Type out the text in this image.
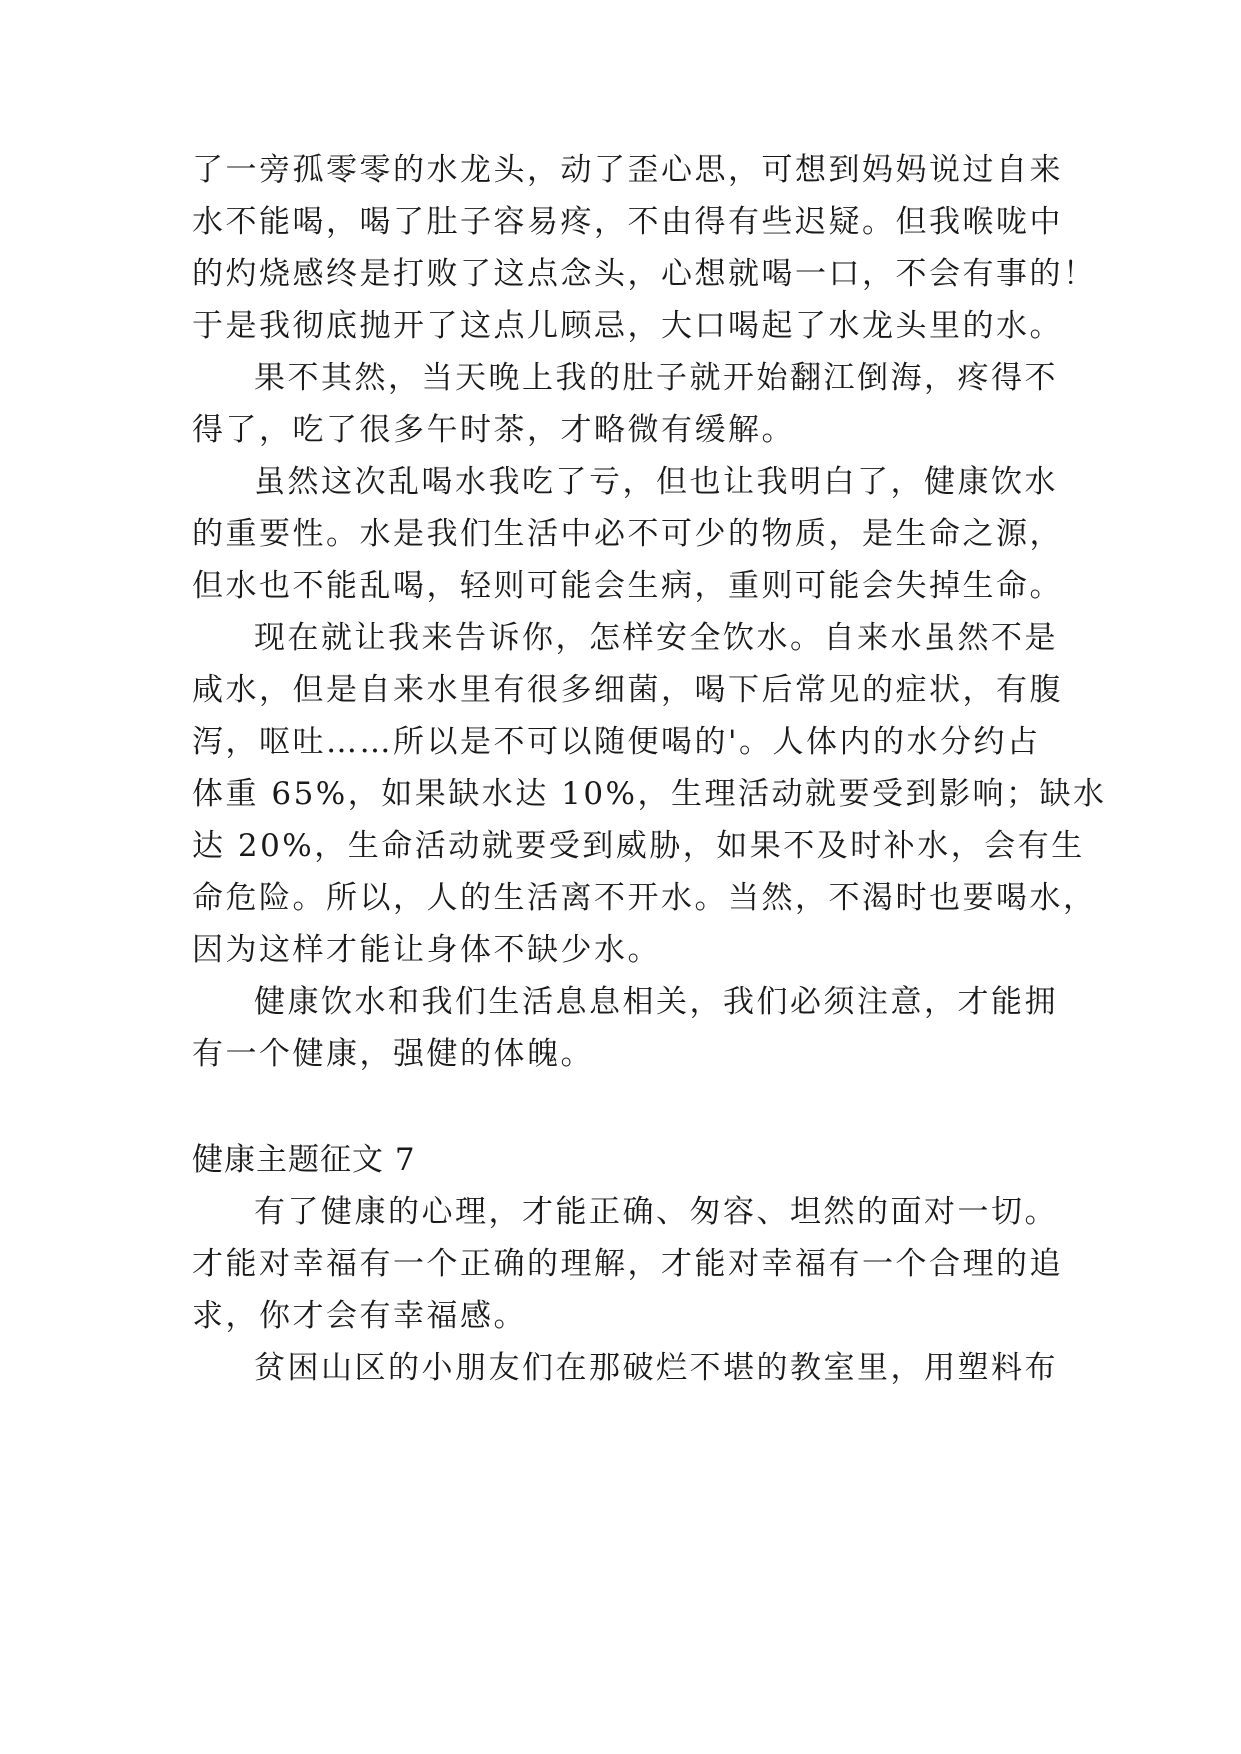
了一旁孤零零的水龙头，动了歪心思，可想到妈妈说过自来
水不能喝，喝了肚子容易疼，不由得有些迟疑。但我喉咙中
的灼烧感终是打败了这点念头，心想就喝一口，不会有事的！
于是我彻底抛开了这点儿顾忌，大口喝起了水龙头里的水。
果不其然，当天晚上我的肚子就开始翻江倒海，疼得不
得了，吃了很多午时茶，才略微有缓解。
虽然这次乱喝水我吃了亏，但也让我明白了，健康饮水
的重要性。水是我们生活中必不可少的物质，是生命之源，
但水也不能乱喝，轻则可能会生病，重则可能会失掉生命。
现在就让我来告诉你，怎样安全饮水。自来水虽然不是
咸水，但是自来水里有很多细菌，喝下后常见的症状，有腹
泻，呕吐……所以是不可以随便喝的'。人体内的水分约占
体重 65%，如果缺水达 10%，生理活动就要受到影响；缺水
达 20%，生命活动就要受到威胁，如果不及时补水，会有生
命危险。所以，人的生活离不开水。当然，不渴时也要喝水，
因为这样才能让身体不缺少水。
健康饮水和我们生活息息相关，我们必须注意，才能拥
有一个健康，强健的体魄。
健康主题征文 7
有了健康的心理，才能正确、匆容、坦然的面对一切。
才能对幸福有一个正确的理解，才能对幸福有一个合理的追
求，你才会有幸福感。
贫困山区的小朋友们在那破烂不堪的教室里，用塑料布
